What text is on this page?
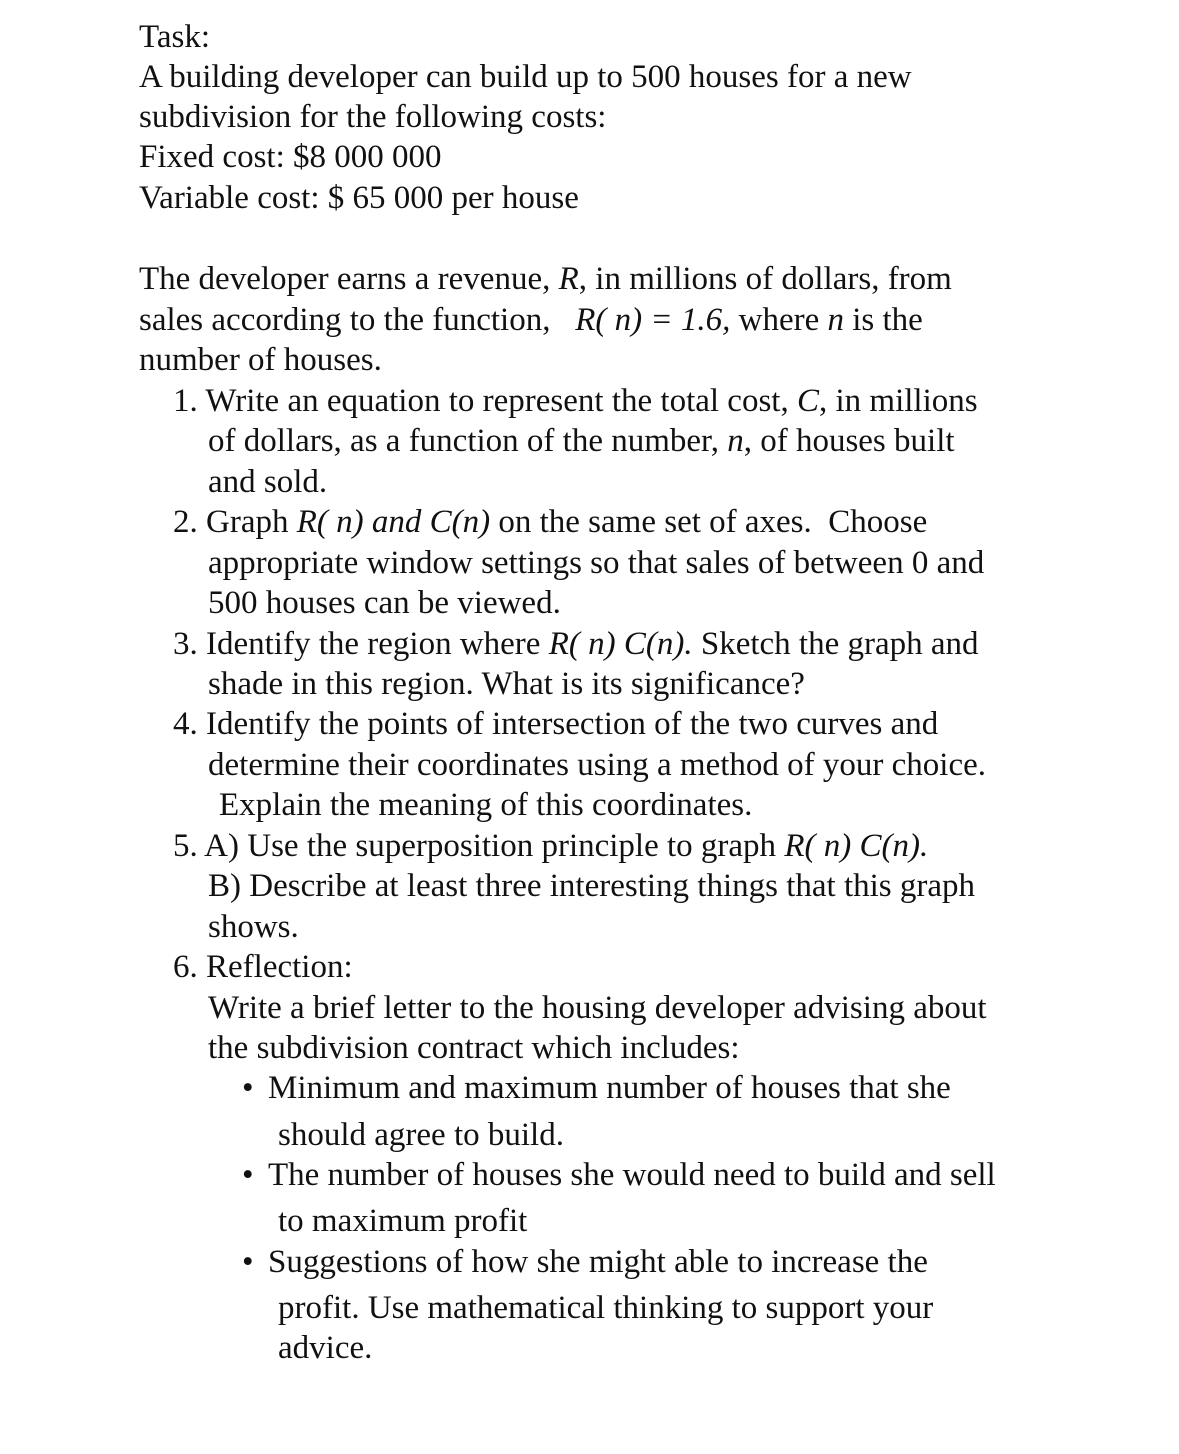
Task:
A building developer can build up to 500 houses for a new
subdivision for the following costs:
Fixed cost: $8 000 000
Variable cost: $ 65 000 per house
The developer earns a revenue, R, in millions of dollars, from
sales according to the function,   R( n) = 1.6, where n is the
number of houses.
1. Write an equation to represent the total cost, C, in millions
of dollars, as a function of the number, n, of houses built
and sold.
2. Graph R( n) and C(n) on the same set of axes.  Choose
appropriate window settings so that sales of between 0 and
500 houses can be viewed.
3. Identify the region where R( n) C(n). Sketch the graph and
shade in this region. What is its significance?
4. Identify the points of intersection of the two curves and
determine their coordinates using a method of your choice.
Explain the meaning of this coordinates.
5. A) Use the superposition principle to graph R( n) C(n).
B) Describe at least three interesting things that this graph
shows.
6. Reflection:
Write a brief letter to the housing developer advising about
the subdivision contract which includes:
• Minimum and maximum number of houses that she
should agree to build.
• The number of houses she would need to build and sell
to maximum profit
• Suggestions of how she might able to increase the
profit. Use mathematical thinking to support your
advice.
